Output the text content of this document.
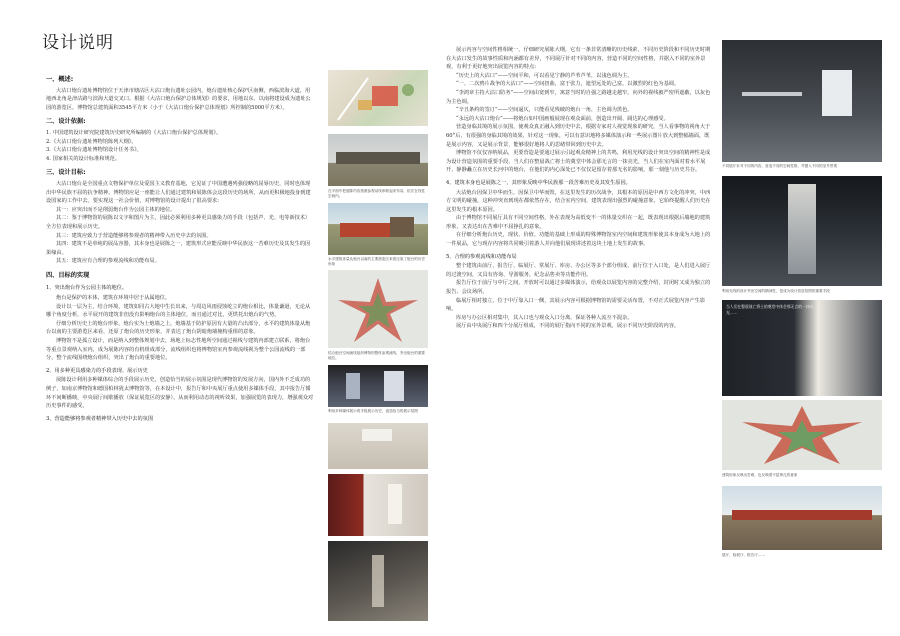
设计说明
一、概述:

大沽口炮台遗址博物馆位于天津市塘沽区大沽口炮台遗址公园内，炮台遗址核心保护区南侧，西临滨海大道，用地西北角是津沽路与滨海大道交叉口。根据《大沽口炮台保护总体规划》的要求，用地以东、以南将建设成为遗址公园的游览区。博物馆总建筑面积3545平方米（小于《大沽口炮台保护总体规划》所控制的5000平方米）。

二、设计依据:

1. 中国建筑设计研究院建筑历史研究所编制的《大沽口炮台保护总体规划》。

2.《大沽口炮台遗址博物馆陈列大纲》。

3.《大沽口炮台遗址博物馆设计任务书》。

4. 国家相关的设计标准和规范。

三、设计目标:

大沽口炮台是全国重点文物保护单位及爱国主义教育基地，它见证了中国遭遇列强侵略的屈辱历史，同时也体现出中华民族不屈的抗争精神。博物馆应是一座能让人们通过建筑和展陈体会这段历史的场所，从而更积极地投身到建设国家的工作中去。要实现这一社会价值，对博物馆的设计提出了很高要求:

其一：应突出而不是削弱炮台作为公园主体的地位。

其二：鉴于博物馆的展陈以文字和图片为主，因此必须利用多种更具感染力的手段（包括声、光、电等新技术）全方位表现和展示历史。

其三：建筑应致力于营造能够将参观者的精神带入历史中去的氛围。

其四：建筑不是单纯的展品容器，其本身也是展陈之一，建筑形式应能反映中华民族这一苦难历史及其发生的因果缘由。

其五：建筑应有合理的参观流线和功能布局。

四、目标的实现
1、突出炮台作为公园主体的地位。

炮台是保护的本体，建筑在环境中居于从属地位。

设计以一层为主，结合环境，建筑如同古大地中生长出来，与周边风雨侵蚀屹立的炮台相比，体量谦逊，无论从哪个角度分析，水平展开的建筑非但没有影响炮台的主体地位，而且通过对比，更烘托出炮台的气势。

仔细分析历史上的炮台形象，炮台实为土炮墙之上，炮墙基于防护原因有大量的凸出部分，水平的建筑体量从炮台以南的主要游览区来看，还原了炮台的历史形象，并表达了炮台阴暗炮墙掩构重组的意象。

博物馆不是孤立设计，而是纳入到整体规划中去，场地上标志性地所空间通过视线与建筑内部建立联系，将炮台等重点景观纳入室内，成为展陈内容的有机组成部分，流线组织也将博物馆室内参观流线视为整个公园流线的一部分，整个流线围绕炮台组织，突出了炮台的重要地位。

2、用多种更具感染力的手段表现、展示历史

展陈设计利用多种媒体综合的手段展示历史，创造恰当的展示氛围是现代博物馆的发展方向，国内外不乏成功的例子，如南京博物馆和德国柏林犹太博物馆等，在本设计中，报告厅和中央展厅重点使用多媒体手段，其中报告厅循环不间断播映，中央展厅间歇播放（保证展览区的安静），从而利用动态的视听效果，加强展览的表现力，增强观众对历史事件的感受。

3、营造能够将参观者精神带入历史中去的氛围
在平面中把展陈内容按照参观动线串联起来布局，依次在线性空间内。
水平建筑体量从炮台以南的主要游览区来看还原了炮台的历史形象
结合炮台空间流线组织博物馆整体参观流线，突出炮台的重要地位。
利用多种媒体展示的手段展示历史，创造恰当的展示氛围

展示内容与空间性格相统一，仔细研究展陈大纲，它有一条非常清晰的历史线索，不同历史阶段和不同历史时期在大沽口发生的故事性质和内涵都有差异，不同展厅针对不同的内容，营造不同的空间性格，并据入不同的室外景观，有利于更好地突出展览内容的特点:

“历史上的大沽口”——空间平和，可以看见宁静的芦苇芦苇，以浅色调为主。

“一、二次鸦片战争的大沽口”——空间扭曲，富于张力，遮望远处的己富，以激烈的红色为基调。

“李鸿章主持大沽口防务”——空间由宽到窄，寓意当时的自强之路越走越窄，向外的视线被严密所遮蔽，以灰色为主色调。

“辛丑条约的签订”——空间逼仄，只能看见残破的炮台一角，主色调为黑色。

“永远的大沽口炮台”——将炮台如中国画般展现在观众面前，创造出开阔、阔达的心理感受。

营造身临其境的展示氛围，使观众真正融入到历史中去，根据专家对人视觉现象的研究，当人看事物的视角大于60°后，有很强的身临其境的效果，针对这一现象，可以有意识地将多媒体演示和一些展示图片放大到整幅墙面，既是展示内容，又是展示背景，能够很好地将人的思绪带回到历史中去。

博物馆不仅仅容纳展品，更要营造是要通过展示引起观众精神上的共鸣，利用光线的设计突出空间的精神性是成为设计营造氛围的重要手段，当人们在整晨战亡将士的奠堂中体会那无言的一抹亮光，当人们在室内面对着水平展开，静静矗立在历史长河中的炮台，在他们的内心深处已不仅仅是留存着那无名的影响，那一刻他与历史共存。

4、建筑本身也是展陈之一，其形象反映中华民族那一段苦难历史及其发生原因。

大沽炮台因保卫中华而生，因保卫中华而毁，在这里发生的历次战争，其根本的原因是中西方文化的冲突，中西方文明的碰撞，这种冲突直到现在都依然存在，结合室内空间，建筑表现出强烈的碰撞意象，它始终提醒人们历史在这里发生的根本原因。

由于博物馆不同展厅具有不同空间性格，外在表现为高低变不一的体量交织在一起，既表现出根据后墙地的建筑形象，又表达出在苦难中不屈挣扎的意象。

在仔细分析炮台历史，现状、价值、功能的基础上形成的特殊博物馆室内空间和建筑形象使其本身成为大地上的一件展品，它与现存内容将共同吸引着游人并向他们展现讲述着这块土地上发生的故事。

5、合理的参观流线和功能布局

整个建筑由前厅、报告厅、临展厅、常展厅、库房、办公区等多个部分组成，前厅位于入口处，是人们进入展厅的过渡空间，又具有咨询、导游服务，纪念品售卖等功能作用。

报告厅位于前厅与中厅之间，开放时可以通过多媒体演示，给观众以展览内容的完整介绍，封闭时又成为独立的报告、会议场所。

临展厅相对独立，位于中厅靠入口一侧，其展示内容可根据博物馆的需要灵活布置，不对正式展览内容产生影响。

库房与办公区相对集中，其入口也与观众入口分离，保证各种人流互不混杂。

展厅由中央展厅和四个分展厅组成，不同的展厅指向不同的室外景观，展示不同历史阶段的内容。

不同展厅针对不同的内容，营造不同的空间性格，并据入不同的室外景观
利用光线的设计突出空间的精神性，是成为设计营造氛围的重要手段
当人们在整晨战亡将士的奠堂中体会那无言的一抹亮光……
建筑形象反映出苦难，也反映着不屈挣扎的意象
展厅、临展厅、报告厅……
